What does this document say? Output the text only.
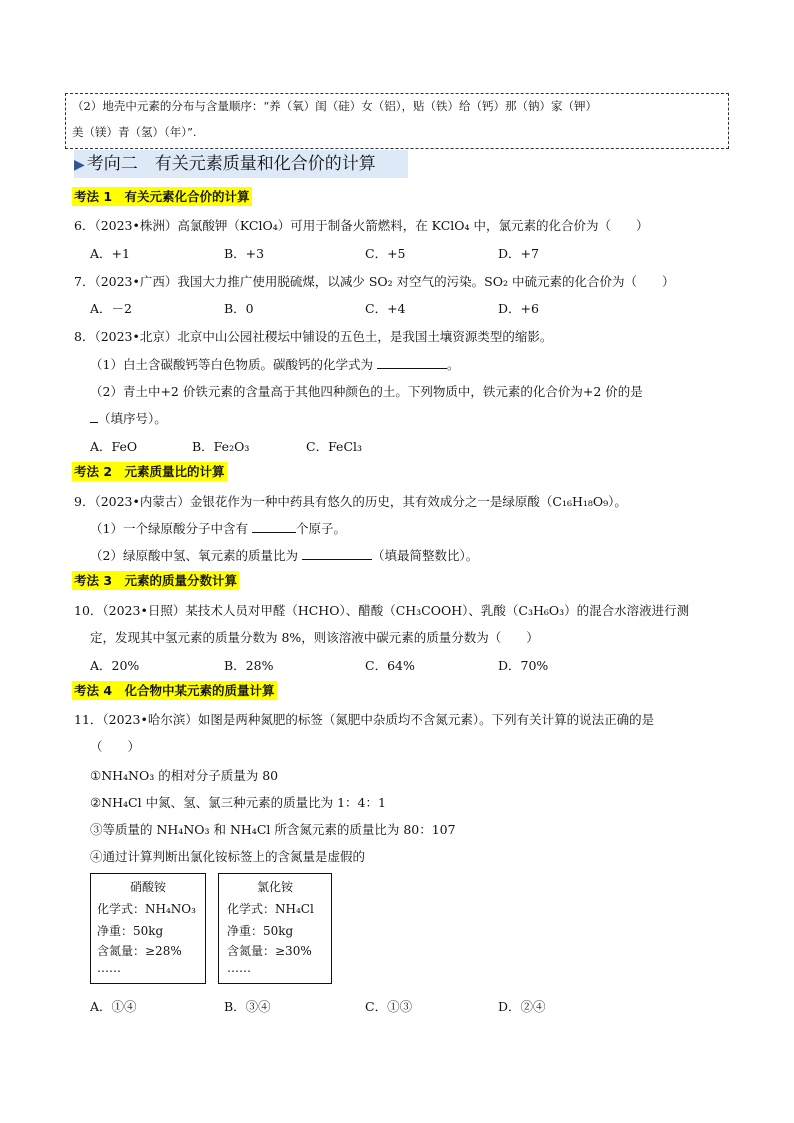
（2）地壳中元素的分布与含量顺序：“养（氧）闺（硅）女（铝），贴（铁）给（钙）那（钠）家（钾）
美（镁）青（氢）（年）”.
▶ 考向二　有关元素质量和化合价的计算
考法 1　有关元素化合价的计算
6．（2023•株洲）高氯酸钾（KClO₄）可用于制备火箭燃料，在 KClO₄ 中，氯元素的化合价为（　　）
A．+1	B．+3	C．+5	D．+7
7．（2023•广西）我国大力推广使用脱硫煤，以减少 SO₂ 对空气的污染。SO₂ 中硫元素的化合价为（　　）
A．－2	B．0	C．+4	D．+6
8．（2023•北京）北京中山公园社稷坛中铺设的五色土，是我国土壤资源类型的缩影。
（1）白土含碳酸钙等白色物质。碳酸钙的化学式为	。
（2）青土中+2 价铁元素的含量高于其他四种颜色的土。下列物质中，铁元素的化合价为+2 价的是
（填序号）。
A．FeO	B．Fe₂O₃	C．FeCl₃
考法 2　元素质量比的计算
9．（2023•内蒙古）金银花作为一种中药具有悠久的历史，其有效成分之一是绿原酸（C₁₆H₁₈O₉）。
（1）一个绿原酸分子中含有	个原子。
（2）绿原酸中氢、氧元素的质量比为	（填最简整数比）。
考法 3　元素的质量分数计算
10．（2023•日照）某技术人员对甲醛（HCHO）、醋酸（CH₃COOH）、乳酸（C₃H₆O₃）的混合水溶液进行测
定，发现其中氢元素的质量分数为 8%，则该溶液中碳元素的质量分数为（　　）
A．20%	B．28%	C．64%	D．70%
考法 4　化合物中某元素的质量计算
11．（2023•哈尔滨）如图是两种氮肥的标签（氮肥中杂质均不含氮元素）。下列有关计算的说法正确的是
（　　）
①NH₄NO₃ 的相对分子质量为 80
②NH₄Cl 中氮、氢、氯三种元素的质量比为 1：4：1
③等质量的 NH₄NO₃ 和 NH₄Cl 所含氮元素的质量比为 80：107
④通过计算判断出氯化铵标签上的含氮量是虚假的
硝酸铵
化学式：NH₄NO₃
净重：50kg
含氮量：≥28%
……
氯化铵
化学式：NH₄Cl
净重：50kg
含氮量：≥30%
……
A．①④	B．③④	C．①③	D．②④
